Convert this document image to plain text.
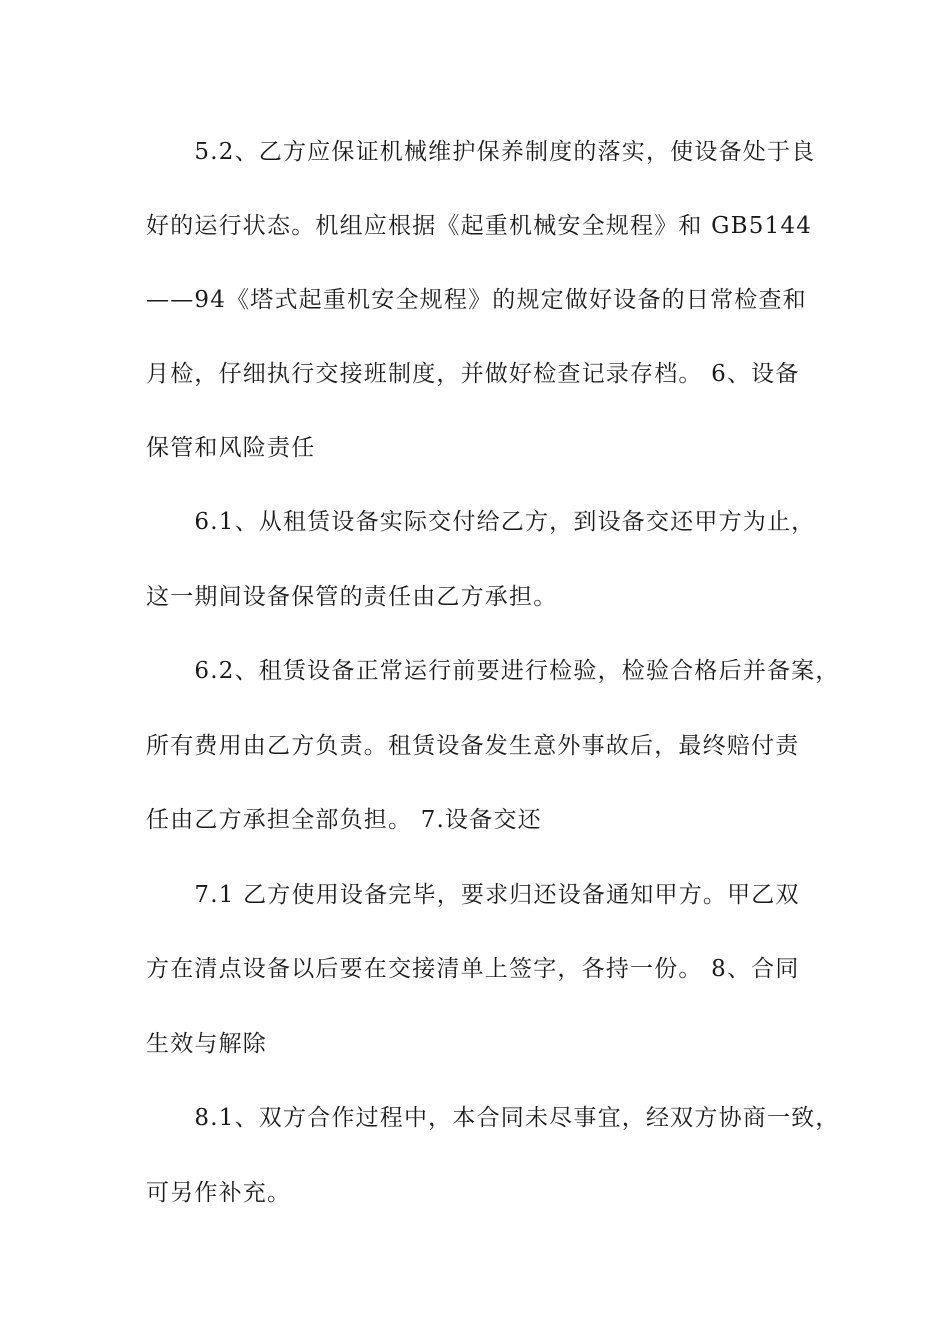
　　5.2、乙方应保证机械维护保养制度的落实，使设备处于良
好的运行状态。机组应根据《起重机械安全规程》和 GB5144
——94《塔式起重机安全规程》的规定做好设备的日常检查和
月检，仔细执行交接班制度，并做好检查记录存档。 6、设备
保管和风险责任
　　6.1、从租赁设备实际交付给乙方，到设备交还甲方为止，
这一期间设备保管的责任由乙方承担。
　　6.2、租赁设备正常运行前要进行检验，检验合格后并备案，
所有费用由乙方负责。租赁设备发生意外事故后，最终赔付责
任由乙方承担全部负担。 7.设备交还
　　7.1 乙方使用设备完毕，要求归还设备通知甲方。甲乙双
方在清点设备以后要在交接清单上签字，各持一份。 8、合同
生效与解除
　　8.1、双方合作过程中，本合同未尽事宜，经双方协商一致，
可另作补充。
